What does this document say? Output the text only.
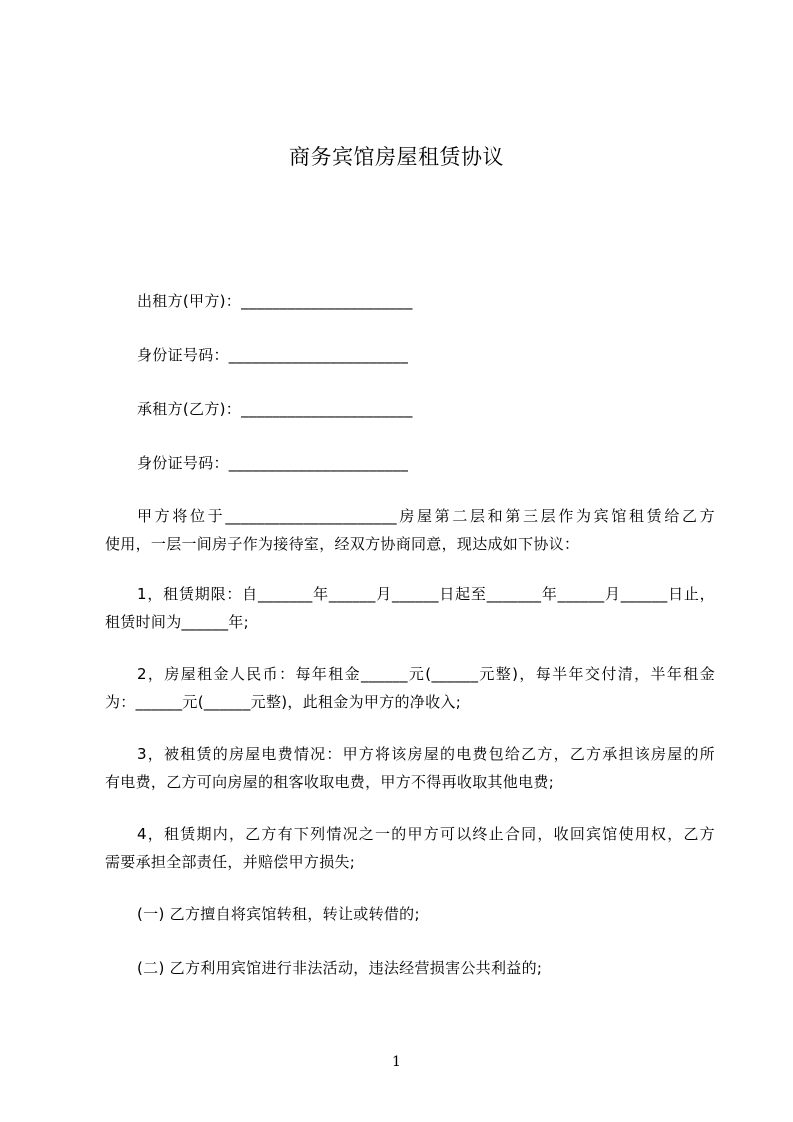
商务宾馆房屋租赁协议
出租方(甲方)：______________________
身份证号码：_______________________
承租方(乙方)：______________________
身份证号码：_______________________
甲方将位于______________________房屋第二层和第三层作为宾馆租赁给乙方
使用，一层一间房子作为接待室，经双方协商同意，现达成如下协议：
1，租赁期限：自_______年______月______日起至_______年______月______日止，
租赁时间为______年;
2，房屋租金人民币：每年租金______元(______元整)，每半年交付清，半年租金
为：______元(______元整)，此租金为甲方的净收入;
3，被租赁的房屋电费情况：甲方将该房屋的电费包给乙方，乙方承担该房屋的所
有电费，乙方可向房屋的租客收取电费，甲方不得再收取其他电费;
4，租赁期内，乙方有下列情况之一的甲方可以终止合同，收回宾馆使用权，乙方
需要承担全部责任，并赔偿甲方损失;
(一) 乙方擅自将宾馆转租，转让或转借的;
(二) 乙方利用宾馆进行非法活动，违法经营损害公共利益的;
1
